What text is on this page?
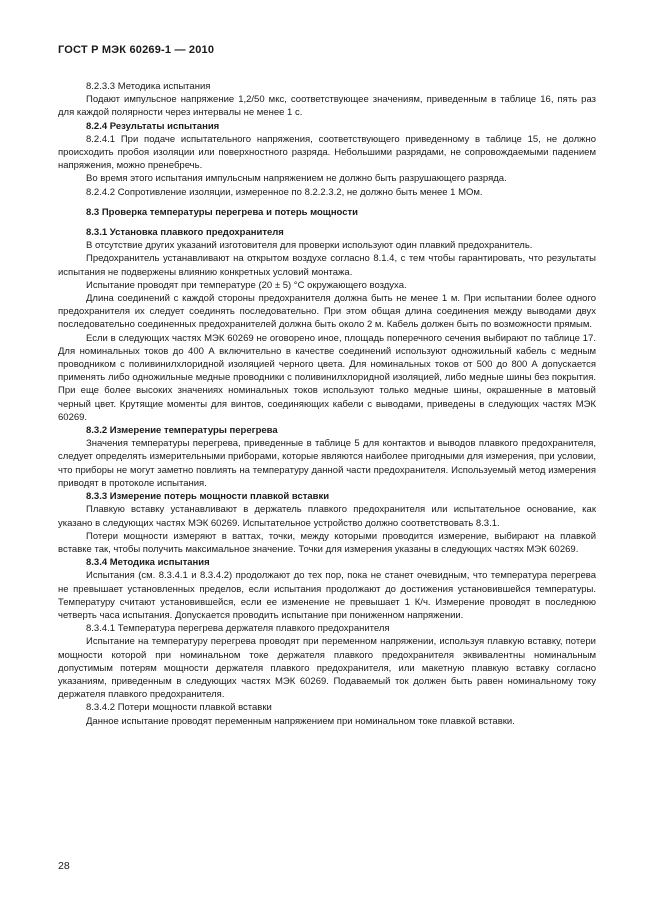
ГОСТ Р МЭК 60269-1 — 2010

8.2.3.3 Методика испытания

Подают импульсное напряжение 1,2/50 мкс, соответствующее значениям, приведенным в таблице 16, пять раз для каждой полярности через интервалы не менее 1 с.

8.2.4 Результаты испытания

8.2.4.1 При подаче испытательного напряжения, соответствующего приведенному в таблице 15, не должно происходить пробоя изоляции или поверхностного разряда. Небольшими разрядами, не сопровождаемыми падением напряжения, можно пренебречь.

Во время этого испытания импульсным напряжением не должно быть разрушающего разряда.

8.2.4.2 Сопротивление изоляции, измеренное по 8.2.2.3.2, не должно быть менее 1 МОм.

8.3 Проверка температуры перегрева и потерь мощности

8.3.1 Установка плавкого предохранителя

В отсутствие других указаний изготовителя для проверки используют один плавкий предохранитель.

Предохранитель устанавливают на открытом воздухе согласно 8.1.4, с тем чтобы гарантировать, что результаты испытания не подвержены влиянию конкретных условий монтажа.

Испытание проводят при температуре (20 ± 5) °С окружающего воздуха.

Длина соединений с каждой стороны предохранителя должна быть не менее 1 м. При испытании более одного предохранителя их следует соединять последовательно. При этом общая длина соединения между выводами двух последовательно соединенных предохранителей должна быть около 2 м. Кабель должен быть по возможности прямым.

Если в следующих частях МЭК 60269 не оговорено иное, площадь поперечного сечения выбирают по таблице 17. Для номинальных токов до 400 А включительно в качестве соединений используют одножильный кабель с медным проводником с поливинилхлоридной изоляцией черного цвета. Для номинальных токов от 500 до 800 А допускается применять либо одножильные медные проводники с поливинилхлоридной изоляцией, либо медные шины без покрытия. При еще более высоких значениях номинальных токов используют только медные шины, окрашенные в матовый черный цвет. Крутящие моменты для винтов, соединяющих кабели с выводами, приведены в следующих частях МЭК 60269.

8.3.2 Измерение температуры перегрева

Значения температуры перегрева, приведенные в таблице 5 для контактов и выводов плавкого предохранителя, следует определять измерительными приборами, которые являются наиболее пригодными для измерения, при условии, что приборы не могут заметно повлиять на температуру данной части предохранителя. Используемый метод измерения приводят в протоколе испытания.

8.3.3 Измерение потерь мощности плавкой вставки

Плавкую вставку устанавливают в держатель плавкого предохранителя или испытательное основание, как указано в следующих частях МЭК 60269. Испытательное устройство должно соответствовать 8.3.1.

Потери мощности измеряют в ваттах, точки, между которыми проводится измерение, выбирают на плавкой вставке так, чтобы получить максимальное значение. Точки для измерения указаны в следующих частях МЭК 60269.

8.3.4 Методика испытания

Испытания (см. 8.3.4.1 и 8.3.4.2) продолжают до тех пор, пока не станет очевидным, что температура перегрева не превышает установленных пределов, если испытания продолжают до достижения установившейся температуры. Температуру считают установившейся, если ее изменение не превышает 1 К/ч. Измерение проводят в последнюю четверть часа испытания. Допускается проводить испытание при пониженном напряжении.

8.3.4.1 Температура перегрева держателя плавкого предохранителя

Испытание на температуру перегрева проводят при переменном напряжении, используя плавкую вставку, потери мощности которой при номинальном токе держателя плавкого предохранителя эквивалентны номинальным допустимым потерям мощности держателя плавкого предохранителя, или макетную плавкую вставку согласно указаниям, приведенным в следующих частях МЭК 60269. Подаваемый ток должен быть равен номинальному току держателя плавкого предохранителя.

8.3.4.2 Потери мощности плавкой вставки

Данное испытание проводят переменным напряжением при номинальном токе плавкой вставки.

28
